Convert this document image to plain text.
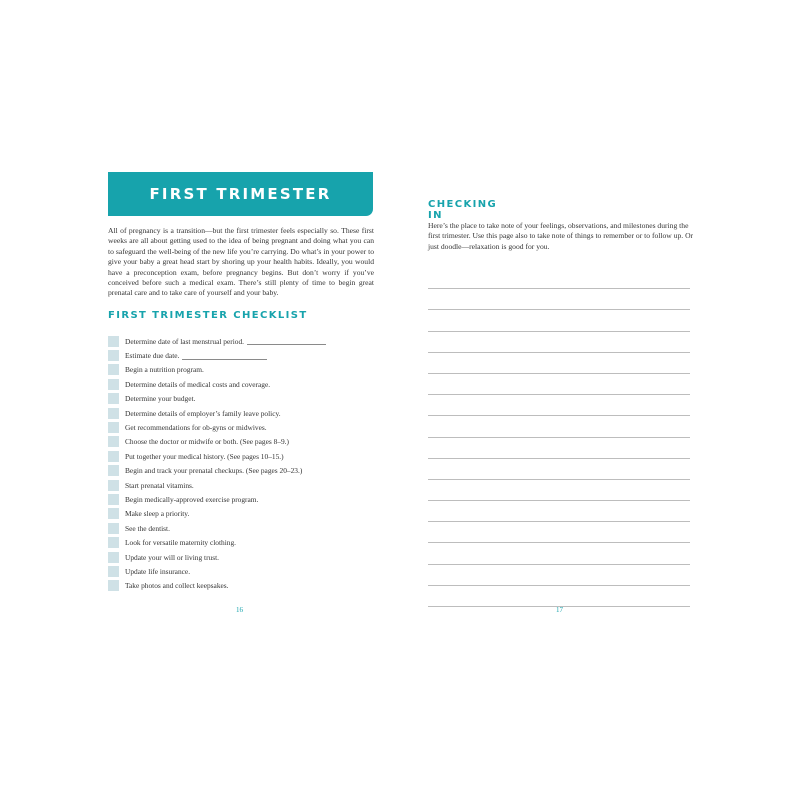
FIRST TRIMESTER

All of pregnancy is a transition—but the first trimester feels especially so. These first weeks are all about getting used to the idea of being pregnant and doing what you can to safeguard the well-being of the new life you’re carrying. Do what’s in your power to give your baby a great head start by shoring up your health habits. Ideally, you would have a preconception exam, before pregnancy begins. But don’t worry if you’ve conceived before such a medical exam. There’s still plenty of time to begin great prenatal care and to take care of yourself and your baby.

FIRST TRIMESTER CHECKLIST
Determine date of last menstrual period.
Estimate due date.
Begin a nutrition program.
Determine details of medical costs and coverage.
Determine your budget.
Determine details of employer’s family leave policy.
Get recommendations for ob-gyns or midwives.
Choose the doctor or midwife or both. (See pages 8–9.)
Put together your medical history. (See pages 10–15.)
Begin and track your prenatal checkups. (See pages 20–23.)
Start prenatal vitamins.
Begin medically-approved exercise program.
Make sleep a priority.
See the dentist.
Look for versatile maternity clothing.
Update your will or living trust.
Update life insurance.
Take photos and collect keepsakes.
16
CHECKING IN

Here’s the place to take note of your feelings, observations, and milestones during the first trimester. Use this page also to take note of things to remember or to follow up. Or just doodle—relaxation is good for you.

17
